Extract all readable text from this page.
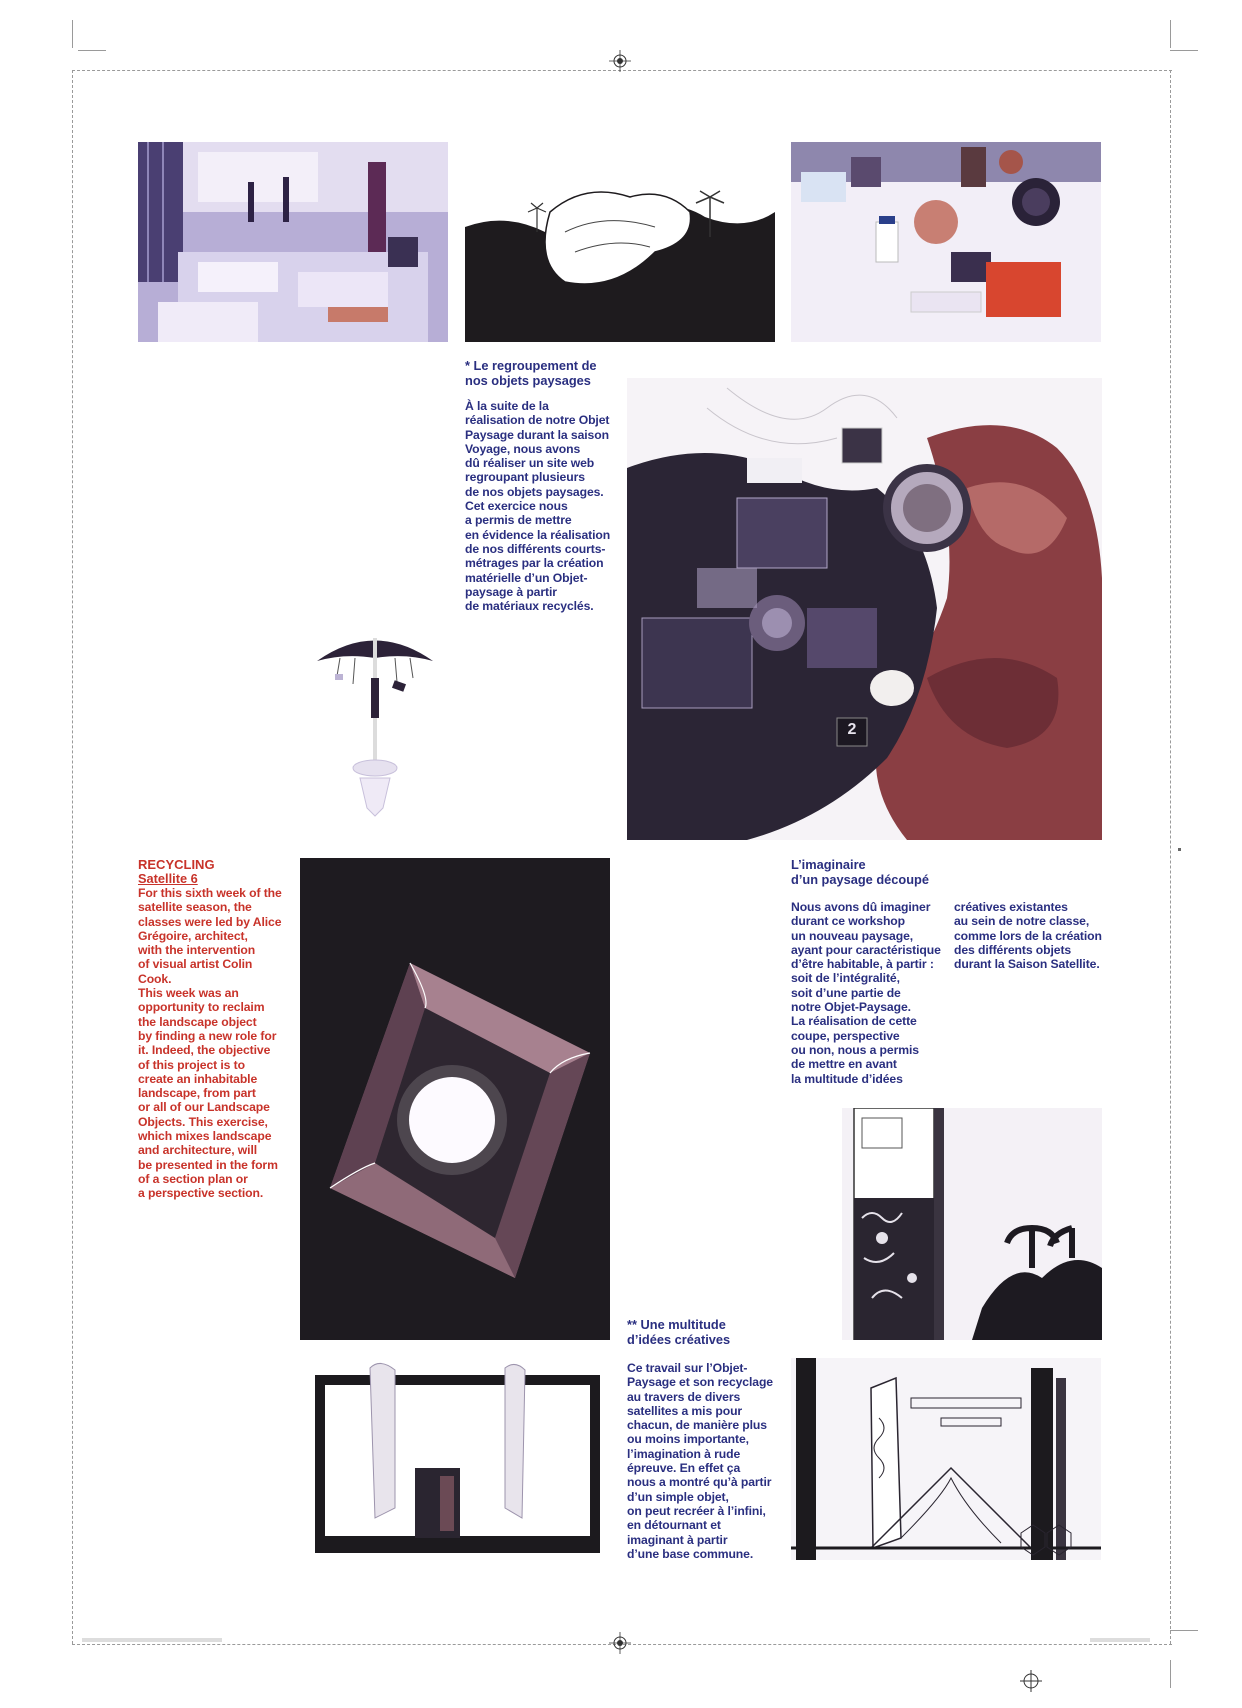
* Le regroupement de
nos objets paysages
À la suite de la
réalisation de notre Objet
Paysage durant la saison
Voyage, nous avons
dû réaliser un site web
regroupant plusieurs
de nos objets paysages.
Cet exercice nous
a permis de mettre
en évidence la réalisation
de nos différents courts-
métrages par la création
matérielle d’un Objet-
paysage à partir
de matériaux recyclés.
2
RECYCLING
Satellite 6
For this sixth week of the
satellite season, the
classes were led by Alice
Grégoire, architect,
with the intervention
of visual artist Colin Cook.
This week was an
opportunity to reclaim
the landscape object
by finding a new role for
it. Indeed, the objective
of this project is to
create an inhabitable
landscape, from part
or all of our Landscape
Objects. This exercise,
which mixes landscape
and architecture, will
be presented in the form
of a section plan or
a perspective section.
L’imaginaire
d’un paysage découpé
Nous avons dû imaginer
durant ce workshop
un nouveau paysage,
ayant pour caractéristique
d’être habitable, à partir :
soit de l’intégralité,
soit d’une partie de
notre Objet-Paysage.
La réalisation de cette
coupe, perspective
ou non, nous a permis
de mettre en avant
la multitude d’idées
créatives existantes
au sein de notre classe,
comme lors de la création
des différents objets
durant la Saison Satellite.
** Une multitude
d’idées créatives
Ce travail sur l’Objet-
Paysage et son recyclage
au travers de divers
satellites a mis pour
chacun, de manière plus
ou moins importante,
l’imagination à rude
épreuve. En effet ça
nous a montré qu’à partir
d’un simple objet,
on peut recréer à l’infini,
en détournant et
imaginant à partir
d’une base commune.
